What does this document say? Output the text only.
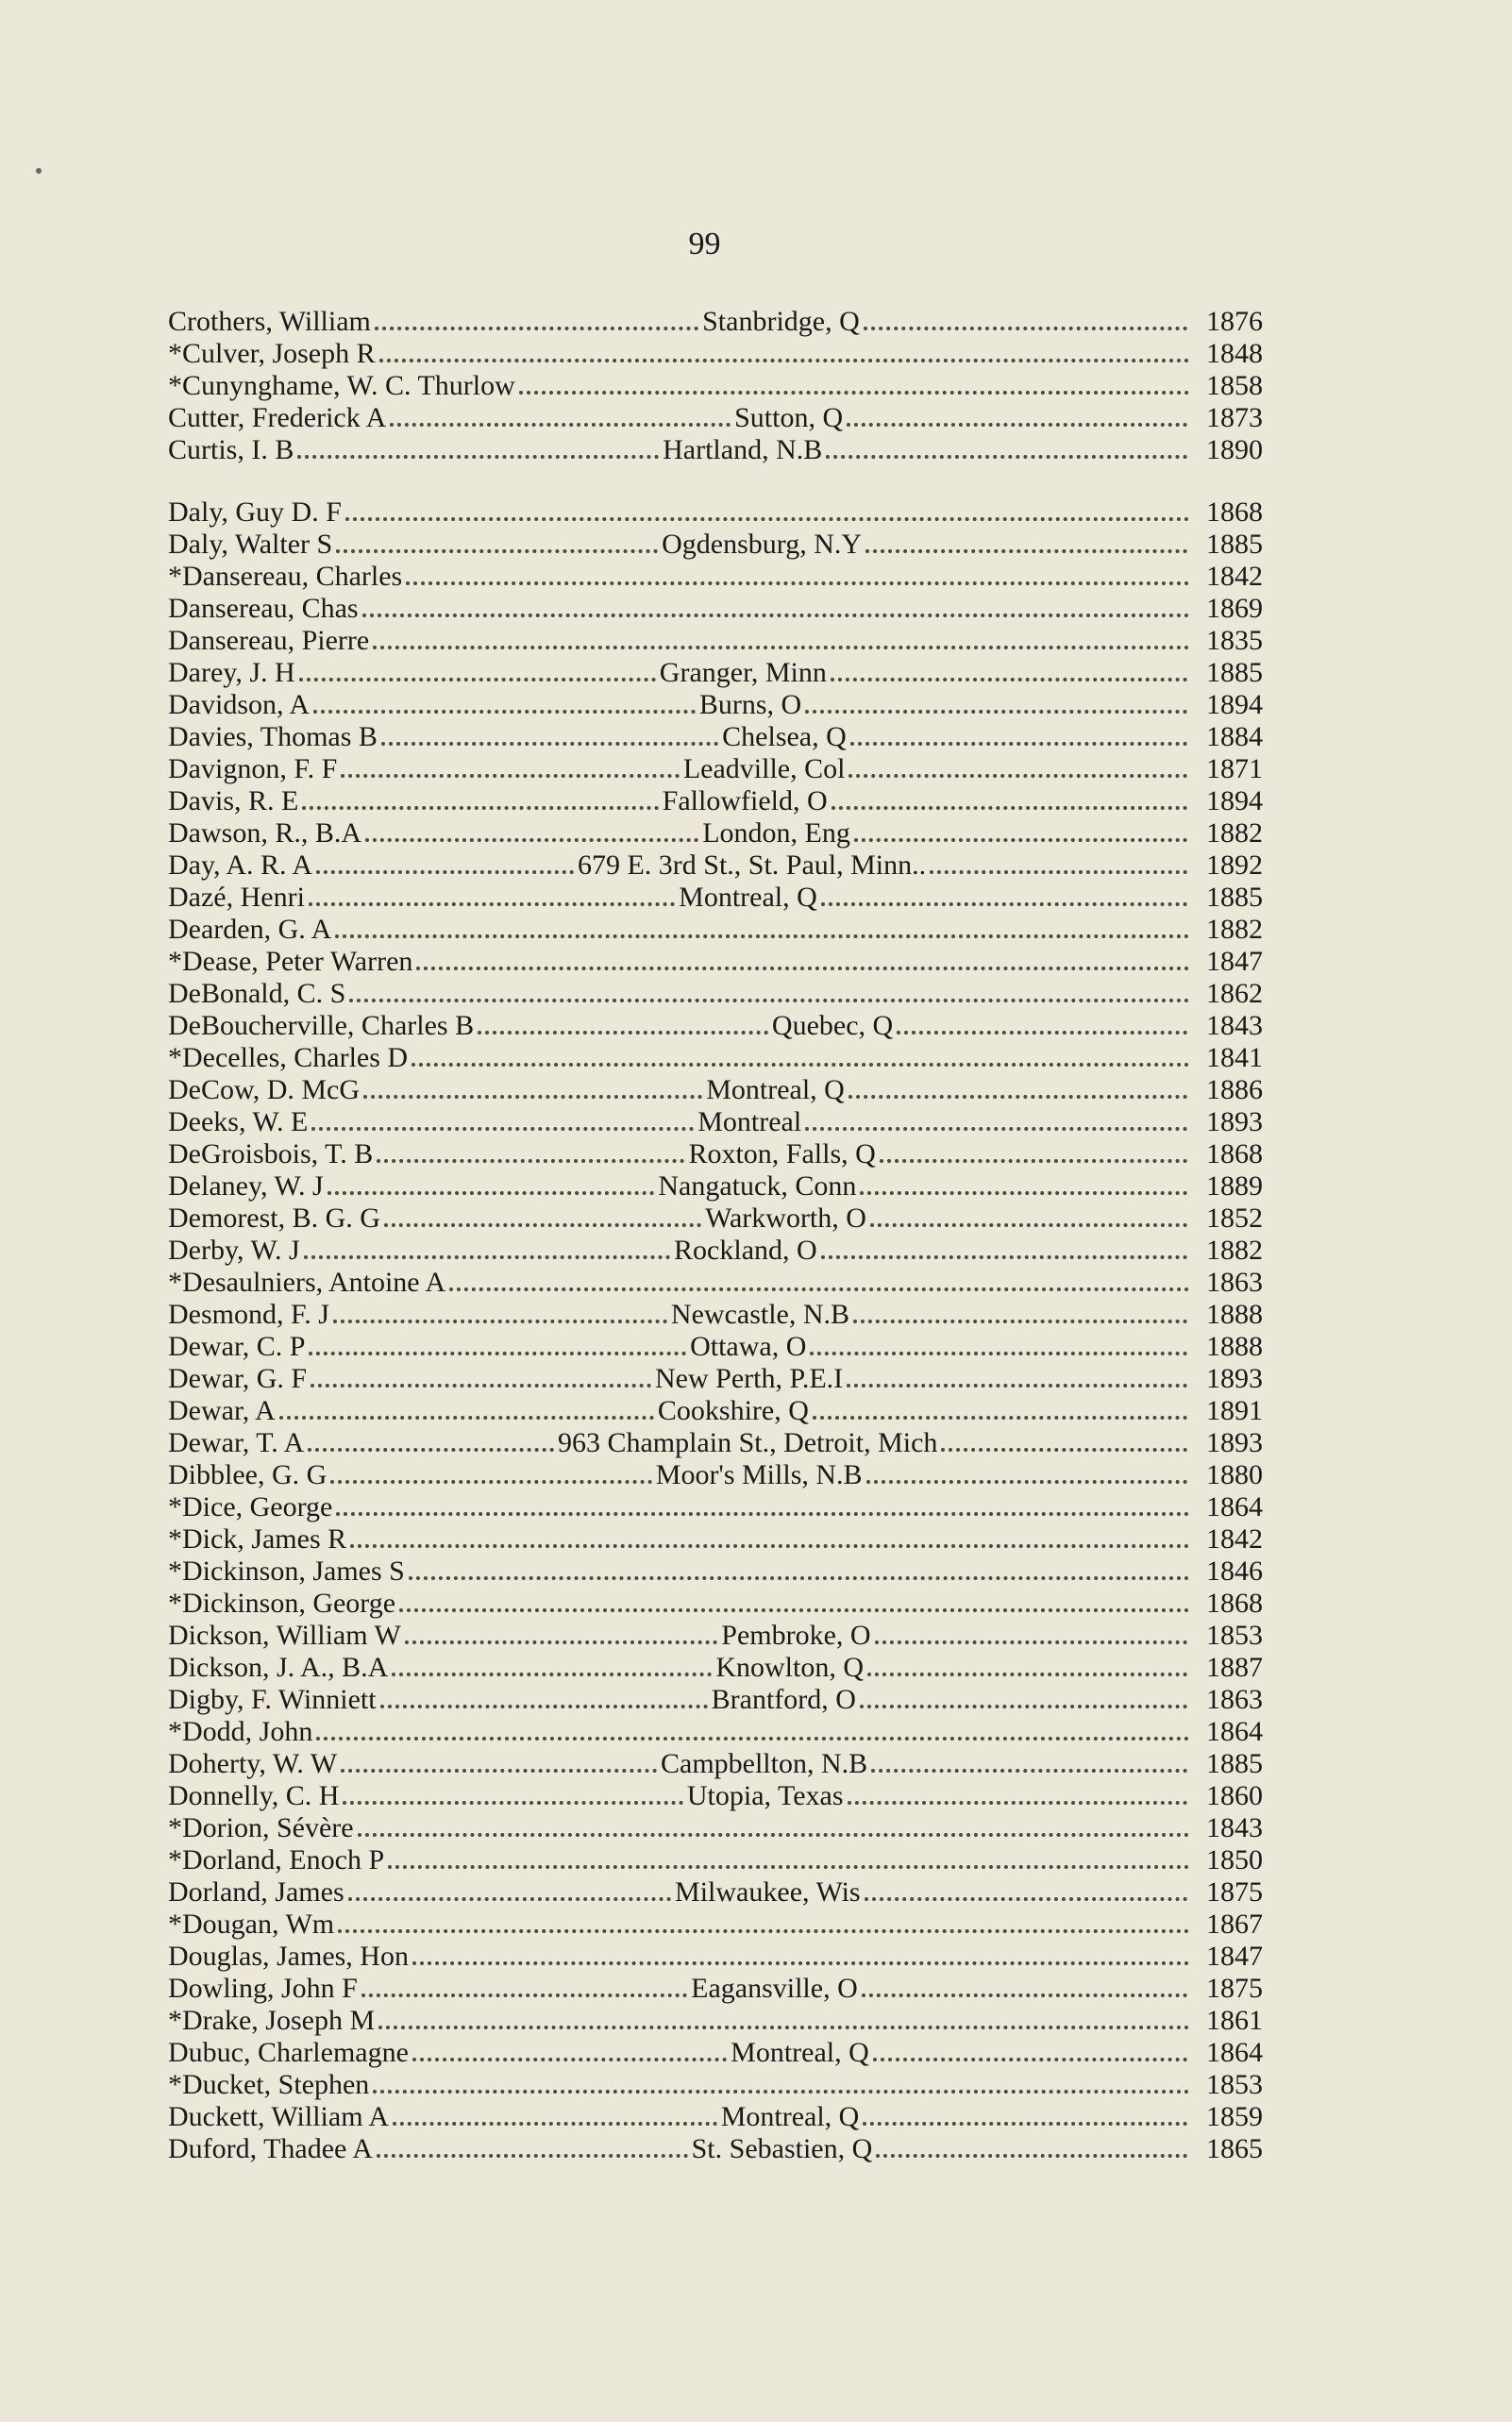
99
Crothers, William	Stanbridge, Q	1876
*Culver, Joseph R	1848
*Cunynghame, W. C. Thurlow	1858
Cutter, Frederick A	Sutton, Q	1873
Curtis, I. B	Hartland, N.B	1890
Daly, Guy D. F	1868
Daly, Walter S	Ogdensburg, N.Y	1885
*Dansereau, Charles	1842
Dansereau, Chas	1869
Dansereau, Pierre	1835
Darey, J. H	Granger, Minn	1885
Davidson, A	Burns, O	1894
Davies, Thomas B	Chelsea, Q	1884
Davignon, F. F	Leadville, Col	1871
Davis, R. E	Fallowfield, O	1894
Dawson, R., B.A	London, Eng	1882
Day, A. R. A	679 E. 3rd St., St. Paul, Minn..	1892
Dazé, Henri	Montreal, Q	1885
Dearden, G. A	1882
*Dease, Peter Warren	1847
DeBonald, C. S	1862
DeBoucherville, Charles B	Quebec, Q	1843
*Decelles, Charles D	1841
DeCow, D. McG	Montreal, Q	1886
Deeks, W. E	Montreal	1893
DeGroisbois, T. B	Roxton, Falls, Q	1868
Delaney, W. J	Nangatuck, Conn	1889
Demorest, B. G. G	Warkworth, O	1852
Derby, W. J	Rockland, O	1882
*Desaulniers, Antoine A	1863
Desmond, F. J	Newcastle, N.B	1888
Dewar, C. P	Ottawa, O	1888
Dewar, G. F	New Perth, P.E.I	1893
Dewar, A	Cookshire, Q	1891
Dewar, T. A	963 Champlain St., Detroit, Mich	1893
Dibblee, G. G	Moor's Mills, N.B	1880
*Dice, George	1864
*Dick, James R	1842
*Dickinson, James S	1846
*Dickinson, George	1868
Dickson, William W	Pembroke, O	1853
Dickson, J. A., B.A	Knowlton, Q	1887
Digby, F. Winniett	Brantford, O	1863
*Dodd, John	1864
Doherty, W. W	Campbellton, N.B	1885
Donnelly, C. H	Utopia, Texas	1860
*Dorion, Sévère	1843
*Dorland, Enoch P	1850
Dorland, James	Milwaukee, Wis	1875
*Dougan, Wm	1867
Douglas, James, Hon	1847
Dowling, John F	Eagansville, O	1875
*Drake, Joseph M	1861
Dubuc, Charlemagne	Montreal, Q	1864
*Ducket, Stephen	1853
Duckett, William A	Montreal, Q	1859
Duford, Thadee A	St. Sebastien, Q	1865
